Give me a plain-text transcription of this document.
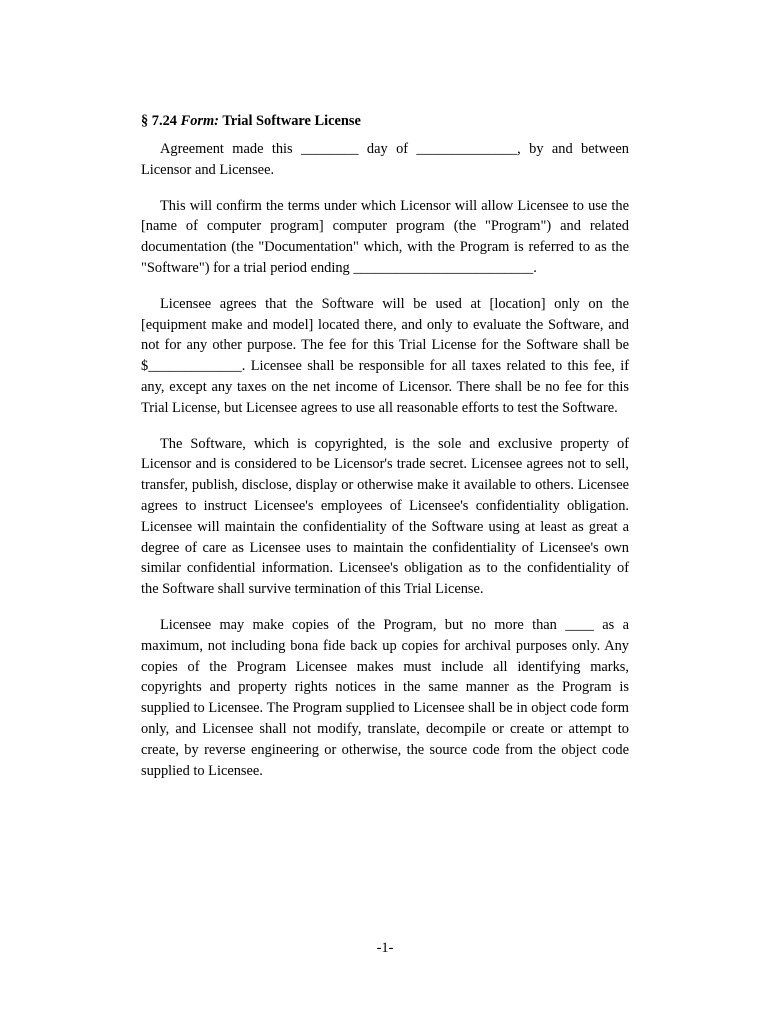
§ 7.24 Form: Trial Software License

Agreement made this ________ day of ______________, by and between Licensor and Licensee.

This will confirm the terms under which Licensor will allow Licensee to use the [name of computer program] computer program (the "Program") and related documentation (the "Documentation" which, with the Program is referred to as the "Software") for a trial period ending _________________________.

Licensee agrees that the Software will be used at [location] only on the [equipment make and model] located there, and only to evaluate the Software, and not for any other purpose. The fee for this Trial License for the Software shall be $_____________. Licensee shall be responsible for all taxes related to this fee, if any, except any taxes on the net income of Licensor. There shall be no fee for this Trial License, but Licensee agrees to use all reasonable efforts to test the Software.

The Software, which is copyrighted, is the sole and exclusive property of Licensor and is considered to be Licensor's trade secret. Licensee agrees not to sell, transfer, publish, disclose, display or otherwise make it available to others. Licensee agrees to instruct Licensee's employees of Licensee's confidentiality obligation. Licensee will maintain the confidentiality of the Software using at least as great a degree of care as Licensee uses to maintain the confidentiality of Licensee's own similar confidential information. Licensee's obligation as to the confidentiality of the Software shall survive termination of this Trial License.

Licensee may make copies of the Program, but no more than ____ as a maximum, not including bona fide back up copies for archival purposes only. Any copies of the Program Licensee makes must include all identifying marks, copyrights and property rights notices in the same manner as the Program is supplied to Licensee. The Program supplied to Licensee shall be in object code form only, and Licensee shall not modify, translate, decompile or create or attempt to create, by reverse engineering or otherwise, the source code from the object code supplied to Licensee.

-1-
